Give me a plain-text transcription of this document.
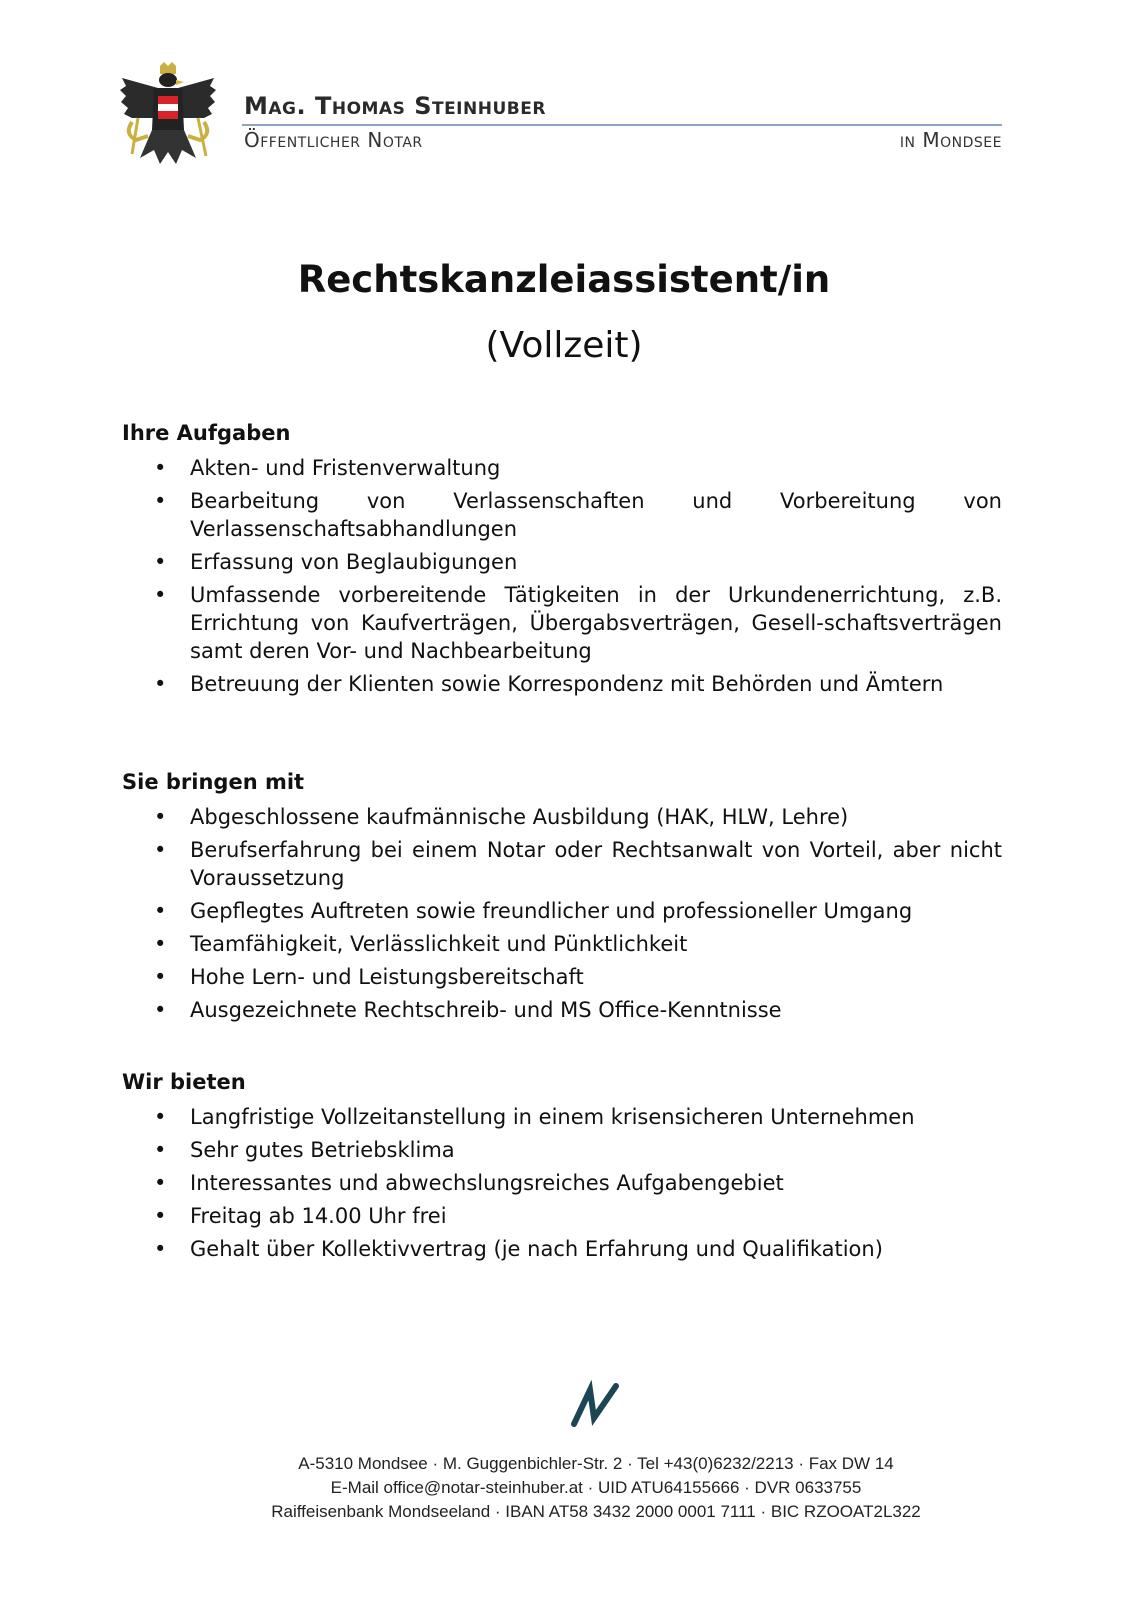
Mag. Thomas Steinhuber
Öffentlicher Notar	in Mondsee
Rechtskanzleiassistent/in
(Vollzeit)
Ihre Aufgaben
• Akten- und Fristenverwaltung
• Bearbeitung von Verlassenschaften und Vorbereitung von Verlassenschaftsabhandlungen
• Erfassung von Beglaubigungen
• Umfassende vorbereitende Tätigkeiten in der Urkundenerrichtung, z.B. Errichtung von Kaufverträgen, Übergabsverträgen, Gesell-schaftsverträgen samt deren Vor- und Nachbearbeitung
• Betreuung der Klienten sowie Korrespondenz mit Behörden und Ämtern
Sie bringen mit
• Abgeschlossene kaufmännische Ausbildung (HAK, HLW, Lehre)
• Berufserfahrung bei einem Notar oder Rechtsanwalt von Vorteil, aber nicht Voraussetzung
• Gepflegtes Auftreten sowie freundlicher und professioneller Umgang
• Teamfähigkeit, Verlässlichkeit und Pünktlichkeit
• Hohe Lern- und Leistungsbereitschaft
• Ausgezeichnete Rechtschreib- und MS Office-Kenntnisse
Wir bieten
• Langfristige Vollzeitanstellung in einem krisensicheren Unternehmen
• Sehr gutes Betriebsklima
• Interessantes und abwechslungsreiches Aufgabengebiet
• Freitag ab 14.00 Uhr frei
• Gehalt über Kollektivvertrag (je nach Erfahrung und Qualifikation)
A-5310 Mondsee · M. Guggenbichler-Str. 2 · Tel +43(0)6232/2213 · Fax DW 14
E-Mail office@notar-steinhuber.at · UID ATU64155666 · DVR 0633755
Raiffeisenbank Mondseeland · IBAN AT58 3432 2000 0001 7111 · BIC RZOOAT2L322
